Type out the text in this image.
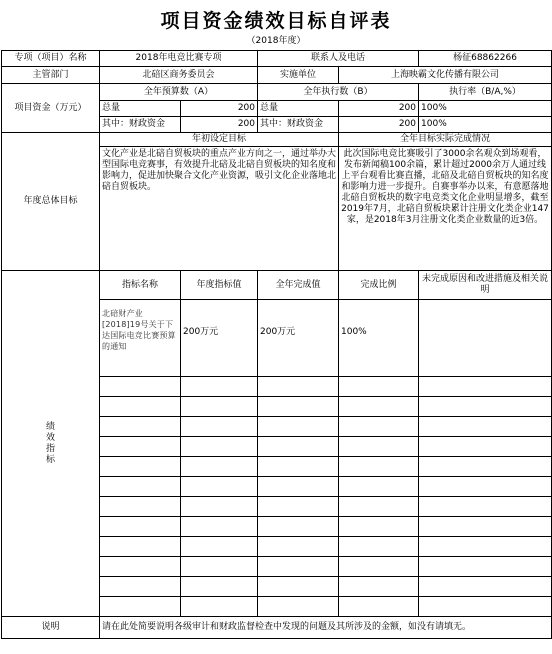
项目资金绩效目标自评表
（2018年度）
专项（项目）名称	2018年电竞比赛专项		联系人及电话		杨征68862266
主管部门	北碚区商务委员会		实施单位	上海映霸文化传播有限公司	
项目资金（万元）	全年预算数（A）		全年执行数（B）		执行率（B/A,%）
	总量	200	总量	200	100%
	其中：财政资金	200	其中：财政资金	200	100%
年度总体目标	年初设定目标			全年目标实际完成情况	
	文化产业是北碚自贸板块的重点产业方向之一，通过举办大型国际电竞赛事，有效提升北碚及北碚自贸板块的知名度和影响力，促进加快聚合文化产业资源，吸引文化企业落地北碚自贸板块。			此次国际电竞比赛吸引了3000余名观众到场观看，发布新闻稿100余篇，累计超过2000余万人通过线上平台观看比赛直播，北碚及北碚自贸板块的知名度和影响力进一步提升。自赛事举办以来，有意愿落地北碚自贸板块的数字电竞类文化企业明显增多，截至2019年7月，北碚自贸板块累计注册文化类企业147家，是2018年3月注册文化类企业数量的近3倍。	

绩
效
指
标	指标名称	年度指标值	全年完成值	完成比例	未完成原因和改进措施及相关说明
	北碚财产业[2018]19号关于下达国际电竞比赛预算的通知	200万元	200万元	100%	

说明	请在此处简要说明各级审计和财政监督检查中发现的问题及其所涉及的金额，如没有请填无。				
